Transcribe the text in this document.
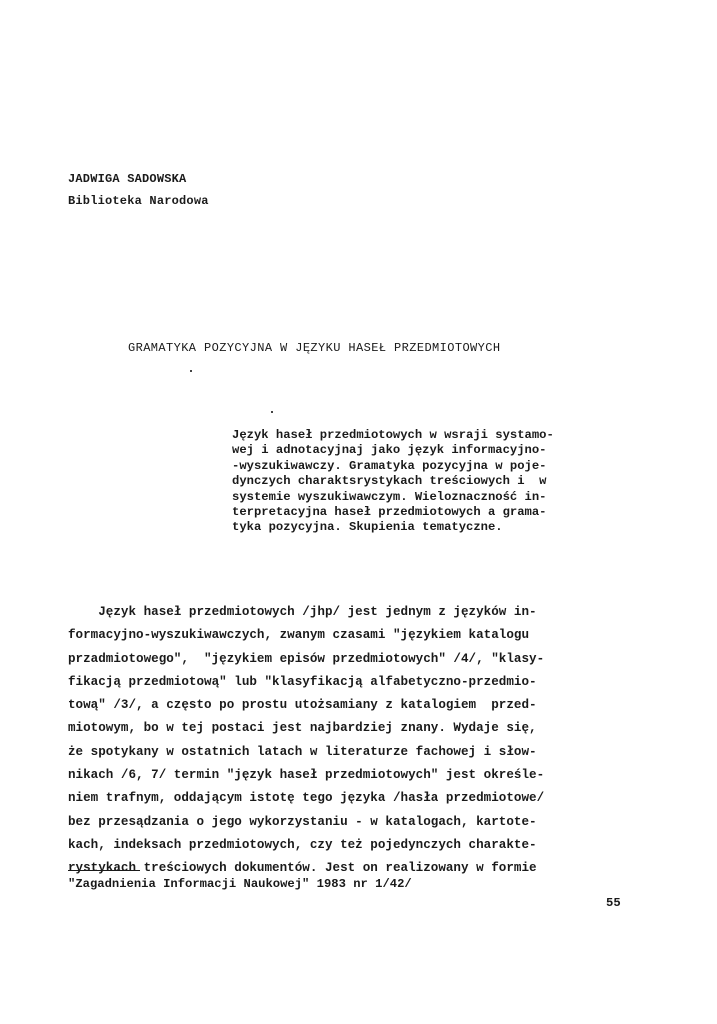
JADWIGA SADOWSKA
Biblioteka Narodowa
GRAMATYKA POZYCYJNA W JĘZYKU HASEŁ PRZEDMIOTOWYCH
Język haseł przedmiotowych w wsraji systamo-
wej i adnotacyjnaj jako język informacyjno-
-wyszukiwawczy. Gramatyka pozycyjna w poje-
dynczych charaktsrystykach treściowych i  w
systemie wyszukiwawczym. Wieloznaczność in-
terpretacyjna haseł przedmiotowych a grama-
tyka pozycyjna. Skupienia tematyczne.
Język haseł przedmiotowych /jhp/ jest jednym z języków in-
formacyjno-wyszukiwawczych, zwanym czasami "językiem katalogu
przadmiotowego",  "językiem episów przedmiotowych" /4/, "klasy-
fikacją przedmiotową" lub "klasyfikacją alfabetyczno-przedmio-
tową" /3/, a często po prostu utożsamiany z katalogiem  przed-
miotowym, bo w tej postaci jest najbardziej znany. Wydaje się,
że spotykany w ostatnich latach w literaturze fachowej i słow-
nikach /6, 7/ termin "język haseł przedmiotowych" jest określe-
niem trafnym, oddającym istotę tego języka /hasła przedmiotowe/
bez przesądzania o jego wykorzystaniu - w katalogach, kartote-
kach, indeksach przedmiotowych, czy też pojedynczych charakte-
rystykach treściowych dokumentów. Jest on realizowany w formie
"Zagadnienia Informacji Naukowej" 1983 nr 1/42/
55
